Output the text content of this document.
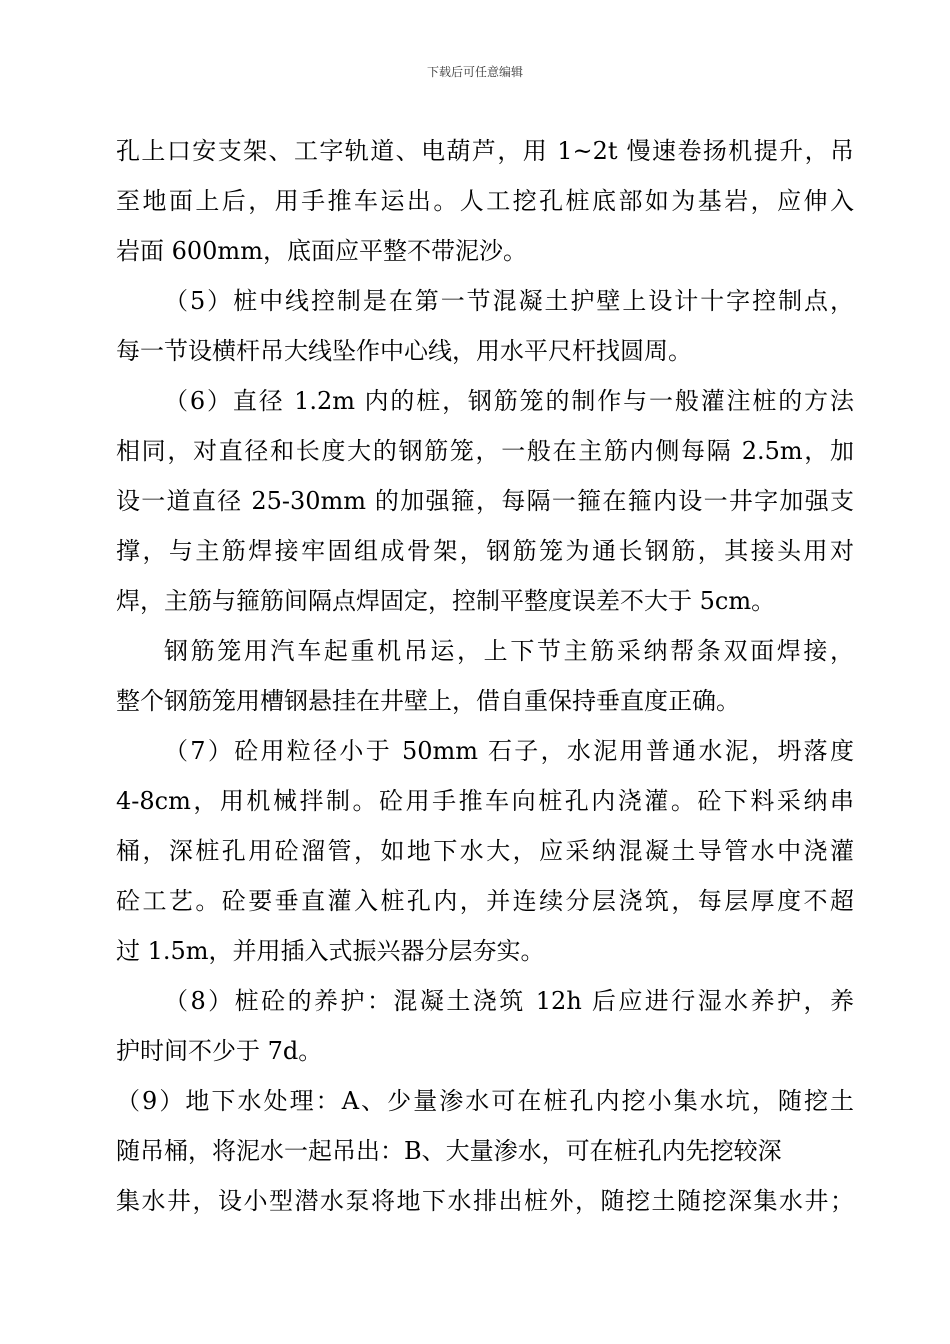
下载后可任意编辑
孔上口安支架、工字轨道、电葫芦，用 1~2t 慢速卷扬机提升，吊
至地面上后，用手推车运出。人工挖孔桩底部如为基岩，应伸入
岩面 600mm，底面应平整不带泥沙。
（5）桩中线控制是在第一节混凝土护壁上设计十字控制点，
每一节设横杆吊大线坠作中心线，用水平尺杆找圆周。
（6）直径 1.2m 内的桩，钢筋笼的制作与一般灌注桩的方法
相同，对直径和长度大的钢筋笼，一般在主筋内侧每隔 2.5m，加
设一道直径 25-30mm 的加强箍，每隔一箍在箍内设一井字加强支
撑，与主筋焊接牢固组成骨架，钢筋笼为通长钢筋，其接头用对
焊，主筋与箍筋间隔点焊固定，控制平整度误差不大于 5cm。
钢筋笼用汽车起重机吊运，上下节主筋采纳帮条双面焊接，
整个钢筋笼用槽钢悬挂在井壁上，借自重保持垂直度正确。
（7）砼用粒径小于 50mm 石子，水泥用普通水泥，坍落度
4-8cm，用机械拌制。砼用手推车向桩孔内浇灌。砼下料采纳串
桶，深桩孔用砼溜管，如地下水大，应采纳混凝土导管水中浇灌
砼工艺。砼要垂直灌入桩孔内，并连续分层浇筑，每层厚度不超
过 1.5m，并用插入式振兴器分层夯实。
（8）桩砼的养护：混凝土浇筑 12h 后应进行湿水养护，养
护时间不少于 7d。
（9）地下水处理：A、少量渗水可在桩孔内挖小集水坑，随挖土
随吊桶，将泥水一起吊出：B、大量渗水，可在桩孔内先挖较深
集水井，设小型潜水泵将地下水排出桩外，随挖土随挖深集水井；
